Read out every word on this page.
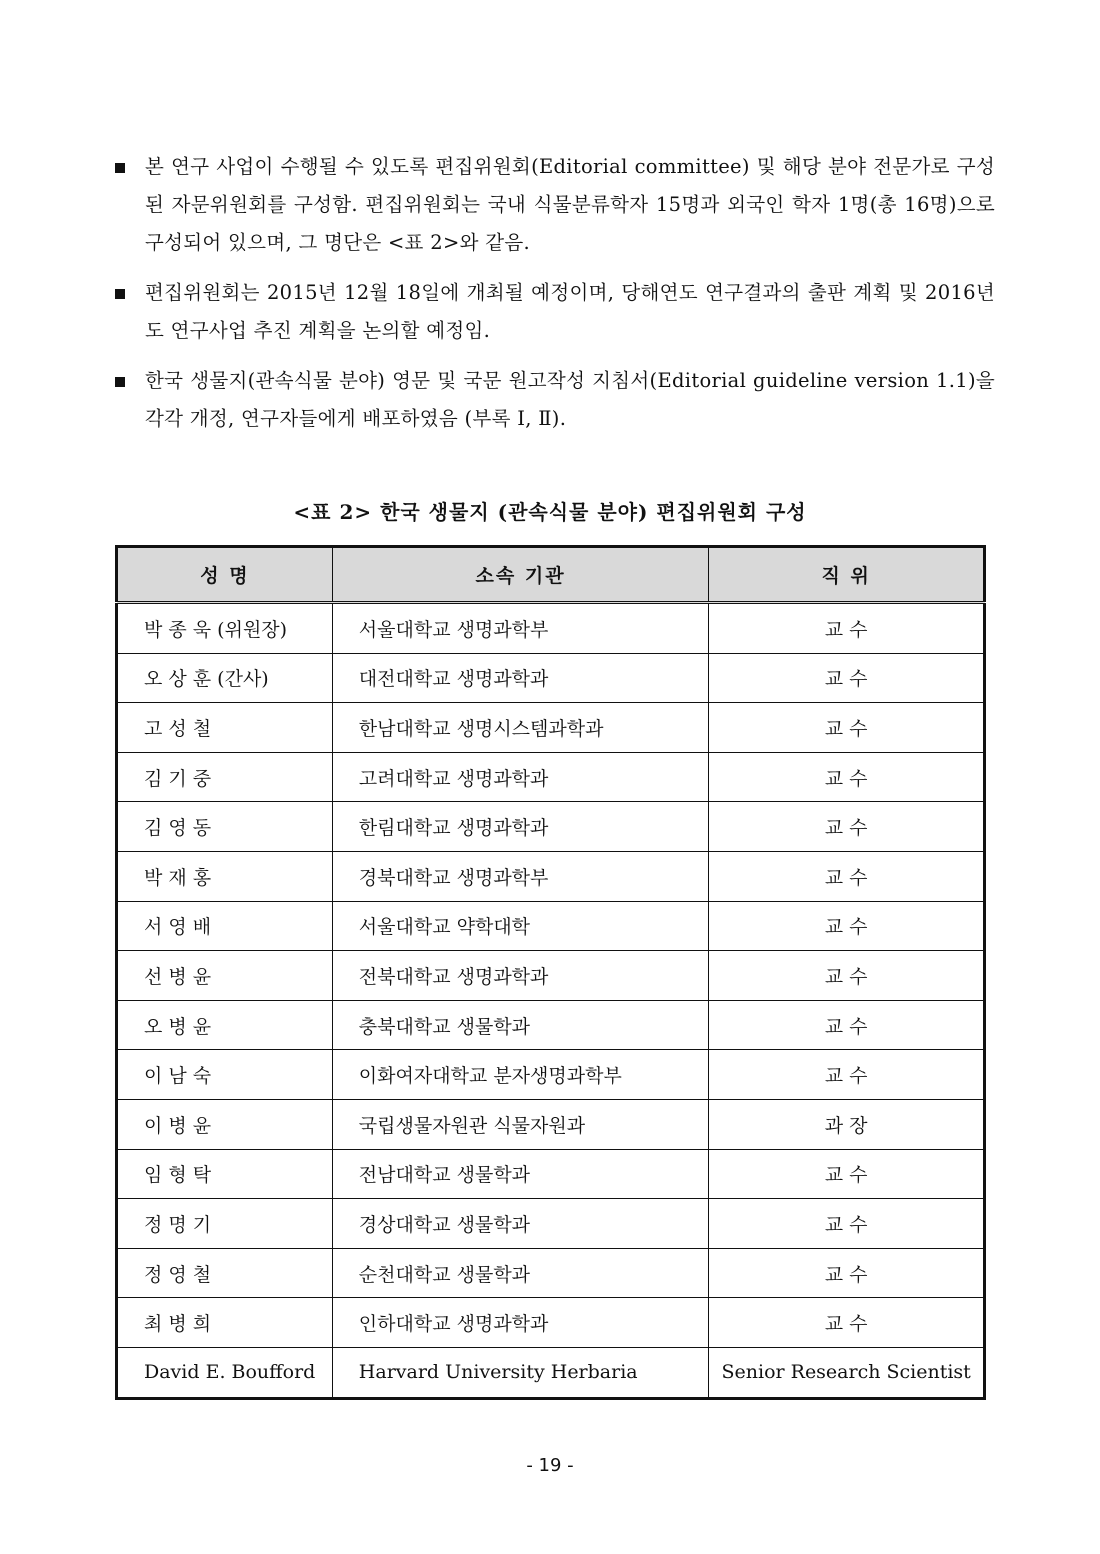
본 연구 사업이 수행될 수 있도록 편집위원회(Editorial committee) 및 해당 분야 전문가로 구성된 자문위원회를 구성함. 편집위원회는 국내 식물분류학자 15명과 외국인 학자 1명(총 16명)으로 구성되어 있으며, 그 명단은 <표 2>와 같음.
편집위원회는 2015년 12월 18일에 개최될 예정이며, 당해연도 연구결과의 출판 계획 및 2016년도 연구사업 추진 계획을 논의할 예정임.
한국 생물지(관속식물 분야) 영문 및 국문 원고작성 지침서(Editorial guideline version 1.1)을 각각 개정, 연구자들에게 배포하였음 (부록 Ⅰ, Ⅱ).
<표 2> 한국 생물지 (관속식물 분야) 편집위원회 구성
성 명	소속 기관	직 위
박 종 욱 (위원장)	서울대학교 생명과학부	교 수
오 상 훈 (간사)	대전대학교 생명과학과	교 수
고 성 철	한남대학교 생명시스템과학과	교 수
김 기 중	고려대학교 생명과학과	교 수
김 영 동	한림대학교 생명과학과	교 수
박 재 홍	경북대학교 생명과학부	교 수
서 영 배	서울대학교 약학대학	교 수
선 병 윤	전북대학교 생명과학과	교 수
오 병 윤	충북대학교 생물학과	교 수
이 남 숙	이화여자대학교 분자생명과학부	교 수
이 병 윤	국립생물자원관 식물자원과	과 장
임 형 탁	전남대학교 생물학과	교 수
정 명 기	경상대학교 생물학과	교 수
정 영 철	순천대학교 생물학과	교 수
최 병 희	인하대학교 생명과학과	교 수
David E. Boufford	Harvard University Herbaria	Senior Research Scientist
- 19 -
